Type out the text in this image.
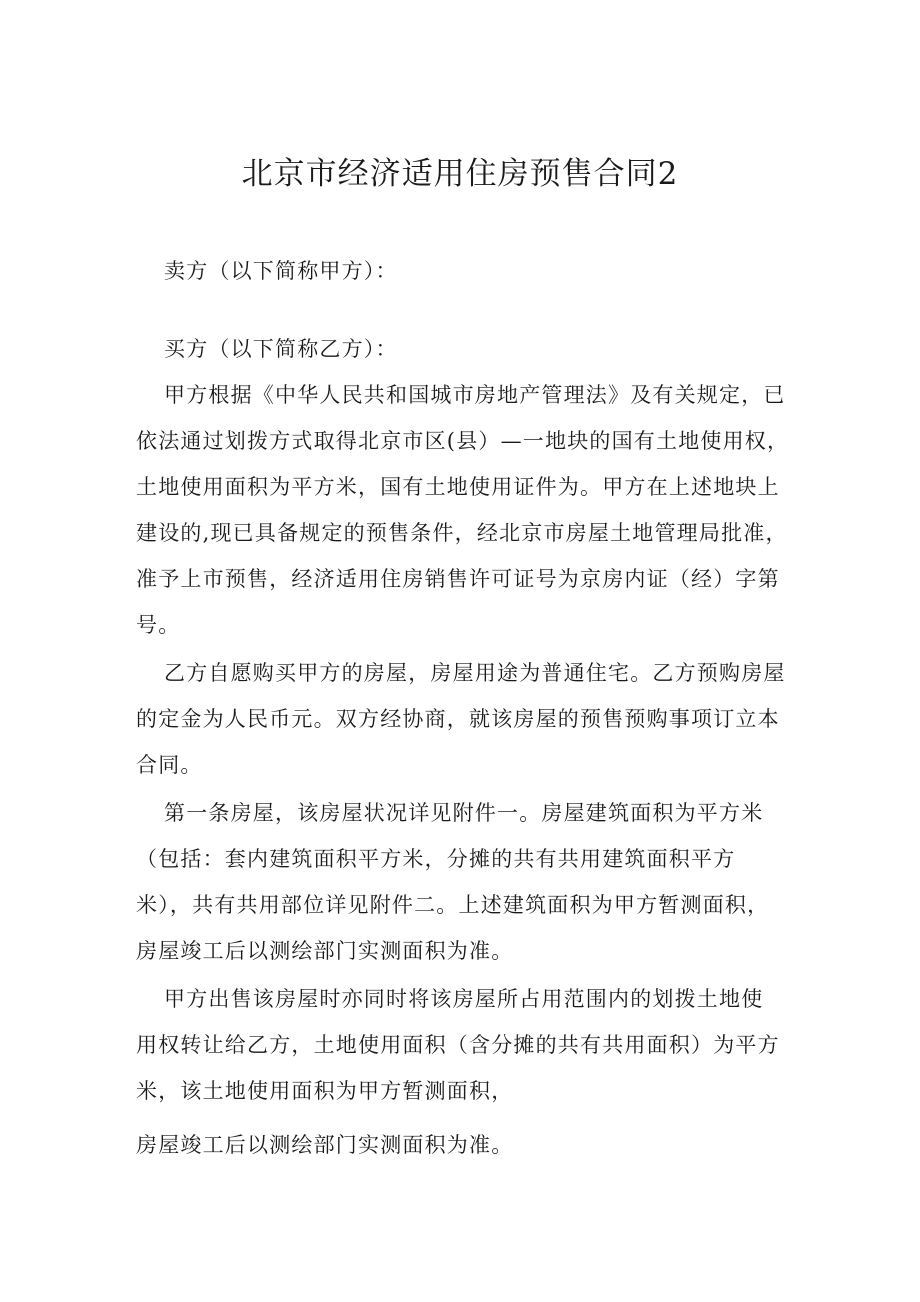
北京市经济适用住房预售合同2

卖方（以下简称甲方）：

买方（以下简称乙方）：

甲方根据《中华人民共和国城市房地产管理法》及有关规定，已

依法通过划拨方式取得北京市区(县）—一地块的国有土地使用权，

土地使用面积为平方米，国有土地使用证件为。甲方在上述地块上

建设的,现已具备规定的预售条件，经北京市房屋土地管理局批准，

准予上市预售，经济适用住房销售许可证号为京房内证（经）字第

号。

乙方自愿购买甲方的房屋，房屋用途为普通住宅。乙方预购房屋

的定金为人民币元。双方经协商，就该房屋的预售预购事项订立本

合同。

第一条房屋，该房屋状况详见附件一。房屋建筑面积为平方米

（包括：套内建筑面积平方米，分摊的共有共用建筑面积平方

米），共有共用部位详见附件二。上述建筑面积为甲方暂测面积，

房屋竣工后以测绘部门实测面积为准。

甲方出售该房屋时亦同时将该房屋所占用范围内的划拨土地使

用权转让给乙方，土地使用面积（含分摊的共有共用面积）为平方

米，该土地使用面积为甲方暂测面积，

房屋竣工后以测绘部门实测面积为准。
